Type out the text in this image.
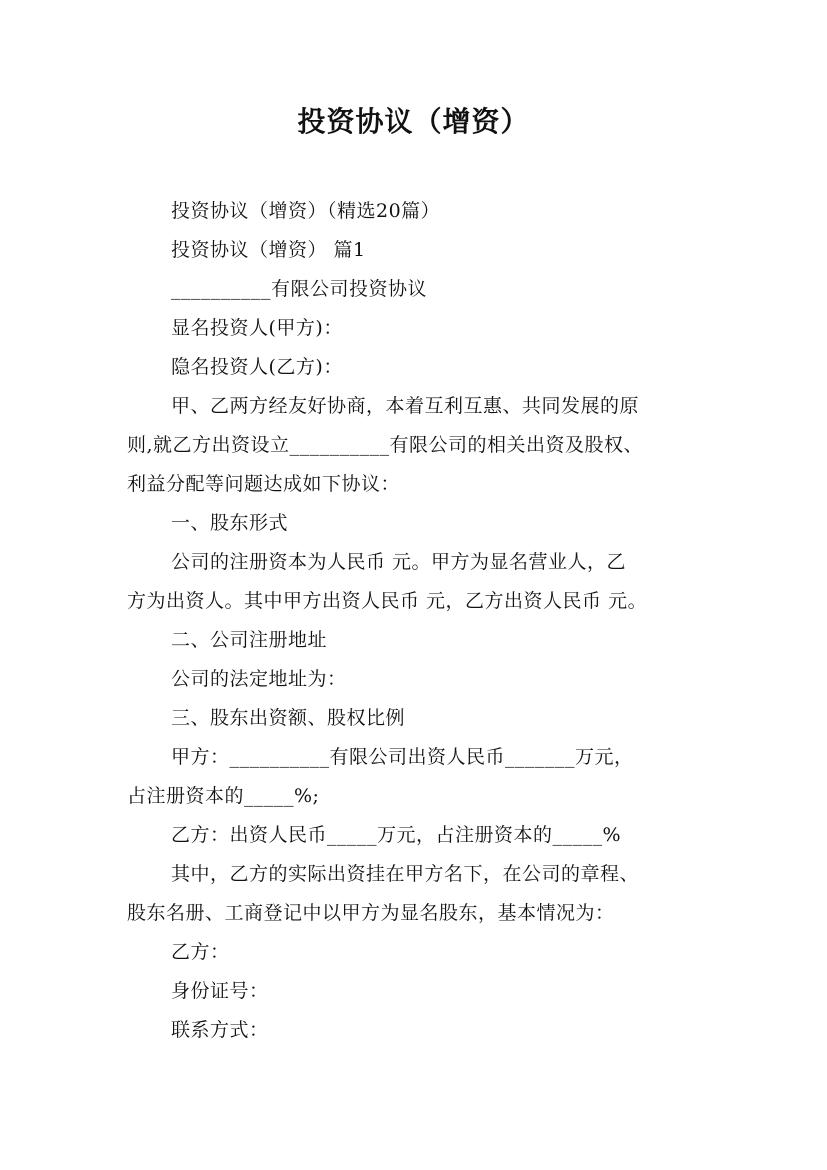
投资协议（增资）
投资协议（增资）（精选20篇）
投资协议（增资） 篇1
__________有限公司投资协议
显名投资人(甲方)：
隐名投资人(乙方)：
甲、乙两方经友好协商，本着互利互惠、共同发展的原
则,就乙方出资设立__________有限公司的相关出资及股权、
利益分配等问题达成如下协议：
一、股东形式
公司的注册资本为人民币 元。甲方为显名营业人，乙
方为出资人。其中甲方出资人民币 元，乙方出资人民币 元。
二、公司注册地址
公司的法定地址为：
三、股东出资额、股权比例
甲方：__________有限公司出资人民币_______万元，
占注册资本的_____%;
乙方：出资人民币_____万元，占注册资本的_____%
其中，乙方的实际出资挂在甲方名下，在公司的章程、
股东名册、工商登记中以甲方为显名股东，基本情况为：
乙方：
身份证号：
联系方式：
